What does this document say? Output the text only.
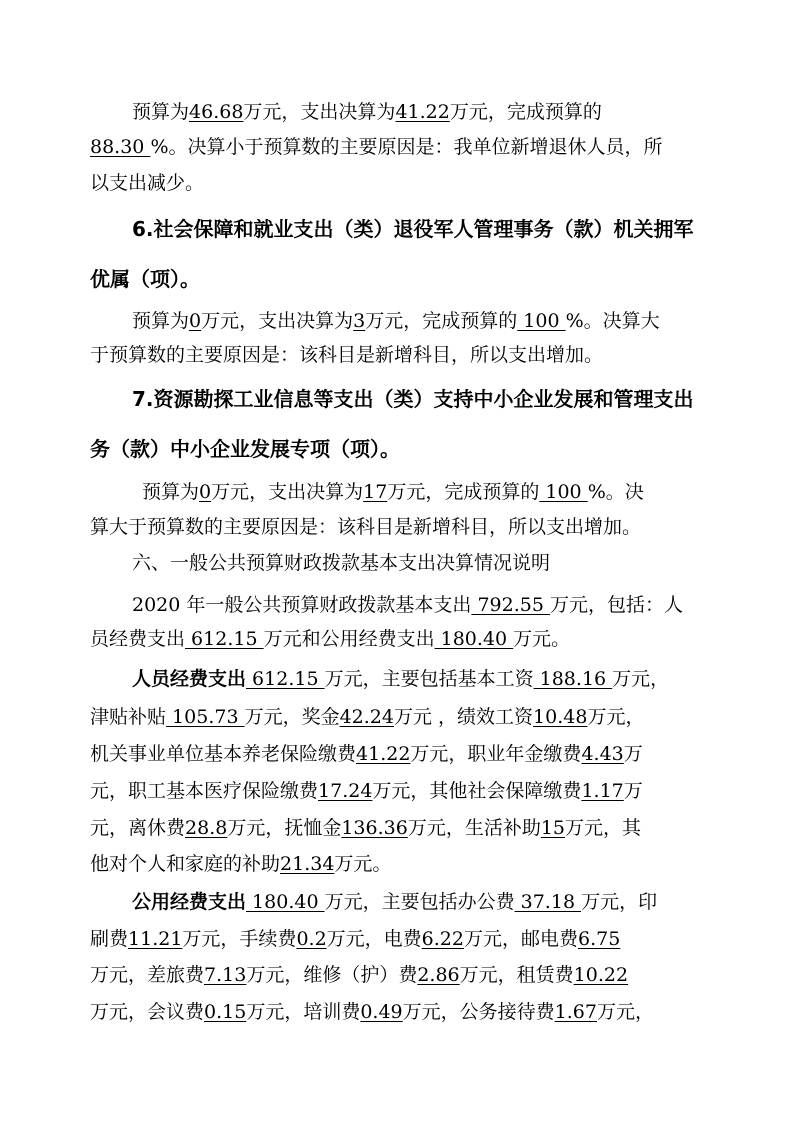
预算为46.68万元，支出决算为41.22万元，完成预算的
88.30 %。决算小于预算数的主要原因是：我单位新增退休人员，所
以支出减少。
6.社会保障和就业支出（类）退役军人管理事务（款）机关拥军
优属（项）。
预算为0万元，支出决算为3万元，完成预算的 100 %。决算大
于预算数的主要原因是：该科目是新增科目，所以支出增加。
7.资源勘探工业信息等支出（类）支持中小企业发展和管理支出
务（款）中小企业发展专项（项）。
预算为0万元，支出决算为17万元，完成预算的 100 %。决
算大于预算数的主要原因是：该科目是新增科目，所以支出增加。
六、一般公共预算财政拨款基本支出决算情况说明
2020 年一般公共预算财政拨款基本支出 792.55 万元，包括：人
员经费支出 612.15 万元和公用经费支出 180.40 万元。
人员经费支出 612.15 万元，主要包括基本工资 188.16 万元，
津贴补贴 105.73 万元，奖金42.24万元 ，绩效工资10.48万元，
机关事业单位基本养老保险缴费41.22万元，职业年金缴费4.43万
元，职工基本医疗保险缴费17.24万元，其他社会保障缴费1.17万
元，离休费28.8万元，抚恤金136.36万元，生活补助15万元，其
他对个人和家庭的补助21.34万元。
公用经费支出 180.40 万元，主要包括办公费 37.18 万元，印
刷费11.21万元，手续费0.2万元，电费6.22万元，邮电费6.75
万元，差旅费7.13万元，维修（护）费2.86万元，租赁费10.22
万元，会议费0.15万元，培训费0.49万元，公务接待费1.67万元，
